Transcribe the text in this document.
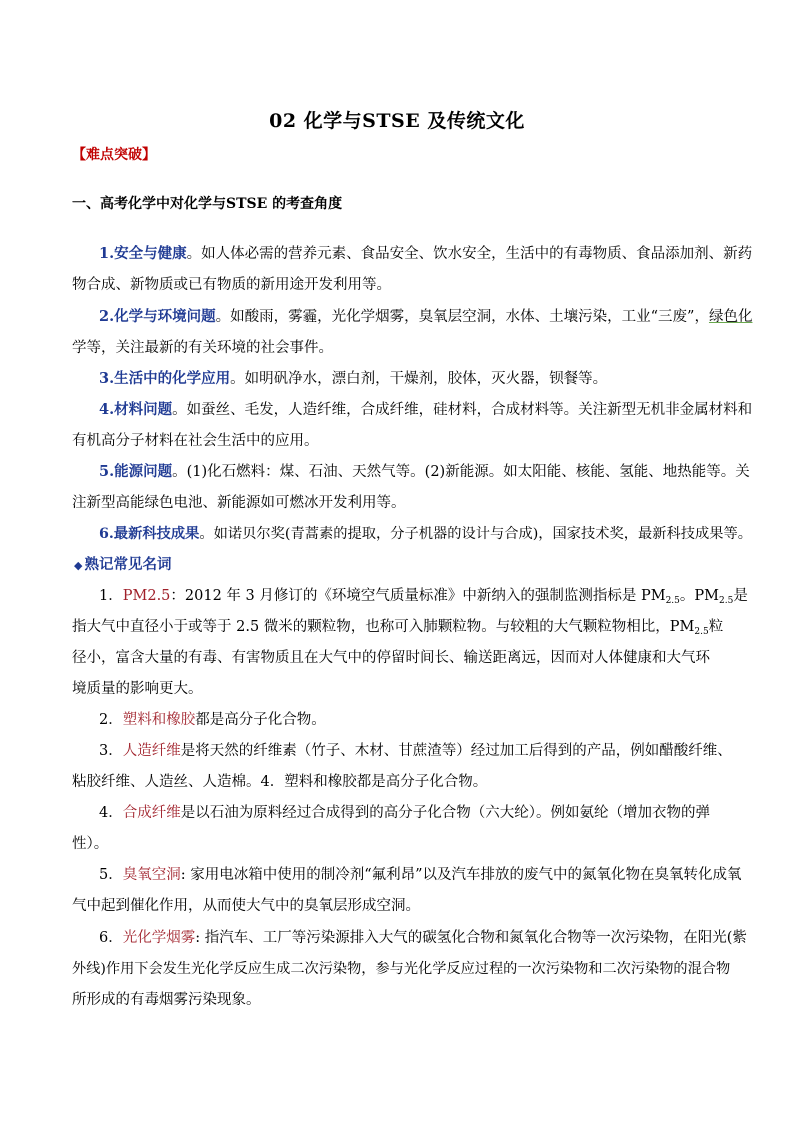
02 化学与STSE 及传统文化
【难点突破】
一、高考化学中对化学与STSE 的考查角度
1.安全与健康。如人体必需的营养元素、食品安全、饮水安全，生活中的有毒物质、食品添加剂、新药
物合成、新物质或已有物质的新用途开发利用等。
2.化学与环境问题。如酸雨，雾霾，光化学烟雾，臭氧层空洞，水体、土壤污染，工业“三废”，绿色化
学等，关注最新的有关环境的社会事件。
3.生活中的化学应用。如明矾净水，漂白剂，干燥剂，胶体，灭火器，钡餐等。
4.材料问题。如蚕丝、毛发，人造纤维，合成纤维，硅材料，合成材料等。关注新型无机非金属材料和
有机高分子材料在社会生活中的应用。
5.能源问题。(1)化石燃料：煤、石油、天然气等。(2)新能源。如太阳能、核能、氢能、地热能等。关
注新型高能绿色电池、新能源如可燃冰开发利用等。
6.最新科技成果。如诺贝尔奖(青蒿素的提取，分子机器的设计与合成)，国家技术奖，最新科技成果等。
◆ 熟记常见名词
1．PM2.5：2012 年 3 月修订的《环境空气质量标准》中新纳入的强制监测指标是 $PM_{2.5}$。$PM_{2.5}$是
指大气中直径小于或等于 2.5 微米的颗粒物，也称可入肺颗粒物。与较粗的大气颗粒物相比，$PM_{2.5}$粒
径小，富含大量的有毒、有害物质且在大气中的停留时间长、输送距离远，因而对人体健康和大气环
境质量的影响更大。
2．塑料和橡胶都是高分子化合物。
3．人造纤维是将天然的纤维素（竹子、木材、甘蔗渣等）经过加工后得到的产品，例如醋酸纤维、
粘胶纤维、人造丝、人造棉。4．塑料和橡胶都是高分子化合物。
4．合成纤维是以石油为原料经过合成得到的高分子化合物（六大纶）。例如氨纶（增加衣物的弹
性）。
5．臭氧空洞: 家用电冰箱中使用的制冷剂“氟利昂”以及汽车排放的废气中的氮氧化物在臭氧转化成氧
气中起到催化作用，从而使大气中的臭氧层形成空洞。
6．光化学烟雾: 指汽车、工厂等污染源排入大气的碳氢化合物和氮氧化合物等一次污染物，在阳光(紫
外线)作用下会发生光化学反应生成二次污染物，参与光化学反应过程的一次污染物和二次污染物的混合物
所形成的有毒烟雾污染现象。
